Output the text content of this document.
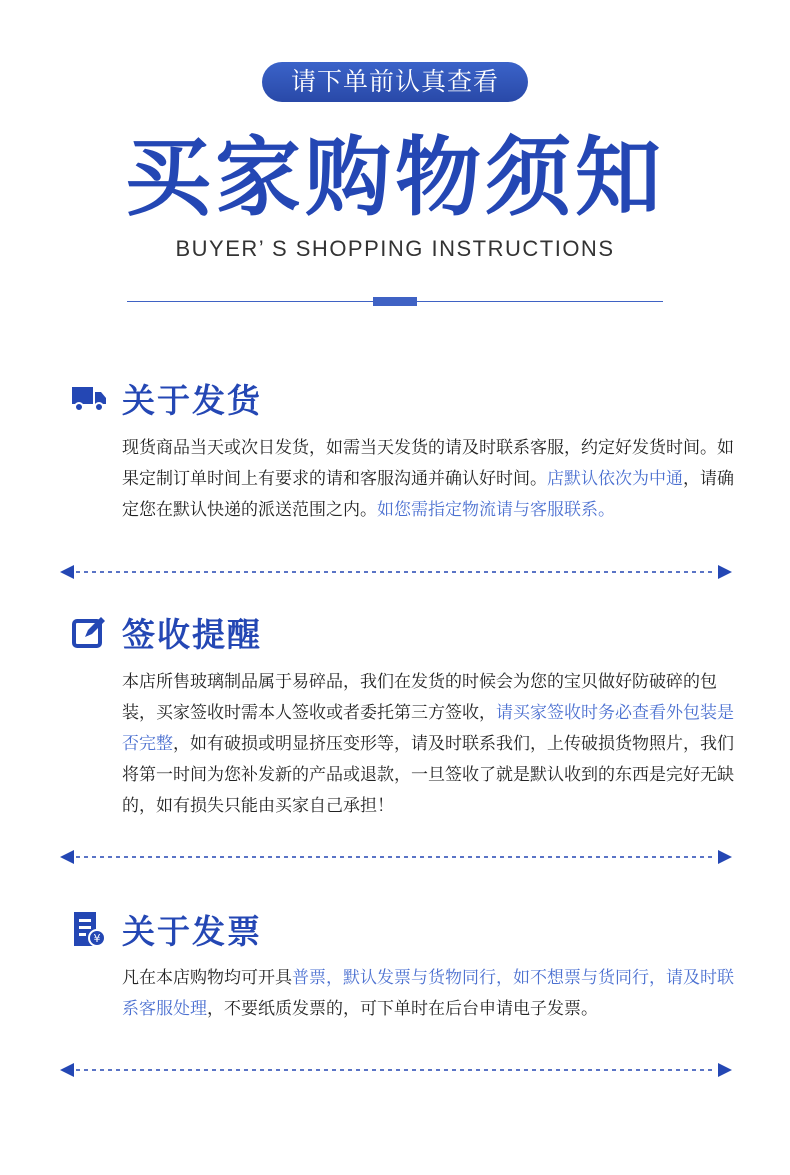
请下单前认真查看
买家购物须知
BUYER’ S SHOPPING INSTRUCTIONS
关于发货

现货商品当天或次日发货，如需当天发货的请及时联系客服，约定好发货时间。如果定制订单时间上有要求的请和客服沟通并确认好时间。店默认依次为中通，请确定您在默认快递的派送范围之内。如您需指定物流请与客服联系。

签收提醒

本店所售玻璃制品属于易碎品，我们在发货的时候会为您的宝贝做好防破碎的包装，买家签收时需本人签收或者委托第三方签收，请买家签收时务必查看外包装是否完整，如有破损或明显挤压变形等，请及时联系我们，上传破损货物照片，我们将第一时间为您补发新的产品或退款，一旦签收了就是默认收到的东西是完好无缺的，如有损失只能由买家自己承担！

¥ 关于发票

凡在本店购物均可开具普票，默认发票与货物同行，如不想票与货同行，请及时联系客服处理，不要纸质发票的，可下单时在后台申请电子发票。
